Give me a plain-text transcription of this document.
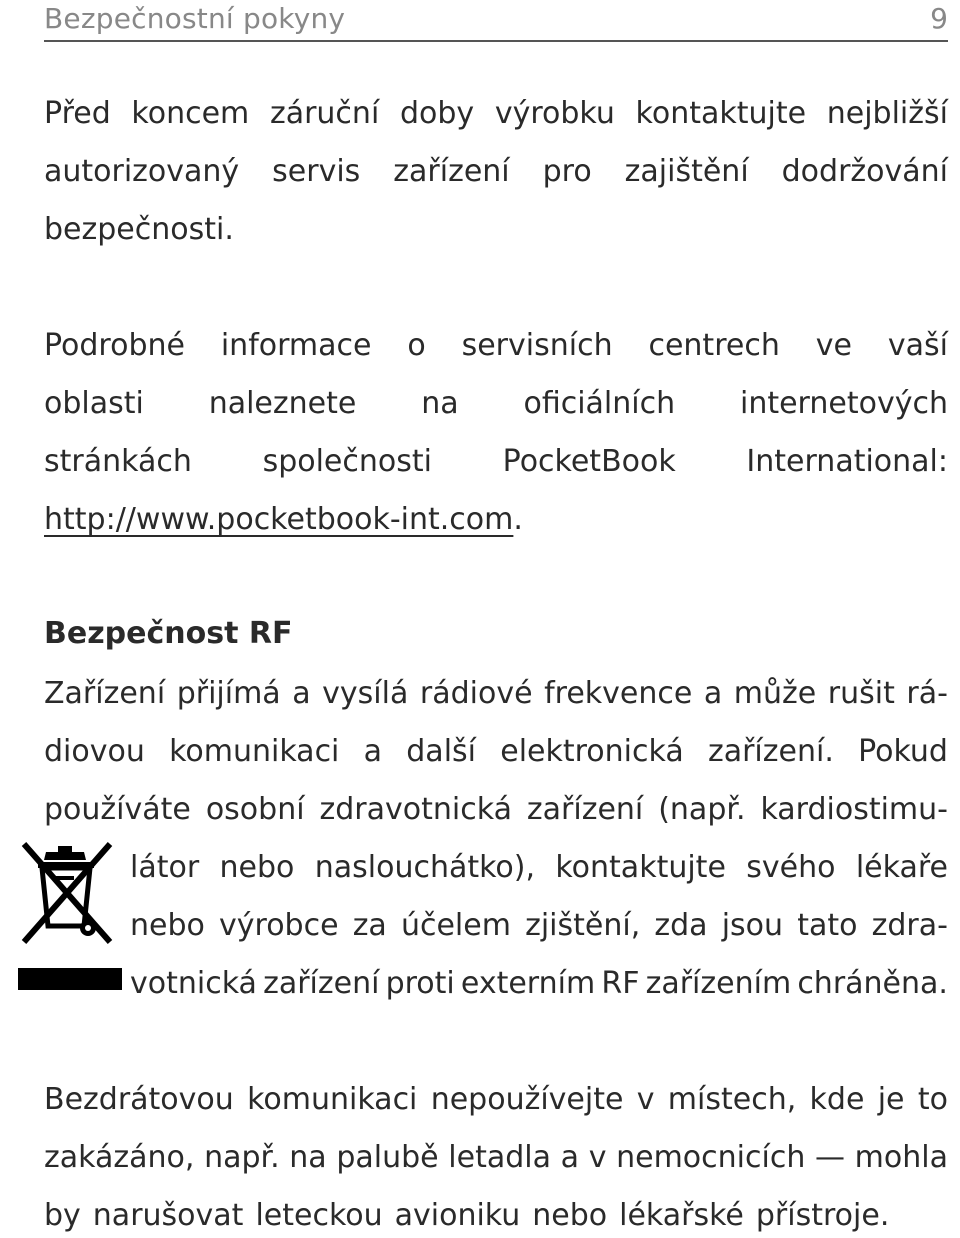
Bezpečnostní pokyny	9
Před koncem záruční doby výrobku kontaktujte nejbližší
autorizovaný servis zařízení pro zajištění dodržování
bezpečnosti.
Podrobné informace o servisních centrech ve vaší
oblasti naleznete na oficiálních internetových
stránkách společnosti PocketBook International:
http://www.pocketbook-int.com.
Bezpečnost RF
Zařízení přijímá a vysílá rádiové frekvence a může rušit rá-
diovou komunikaci a další elektronická zařízení. Pokud
používáte osobní zdravotnická zařízení (např. kardiostimu-
látor nebo naslouchátko), kontaktujte svého lékaře
nebo výrobce za účelem zjištění, zda jsou tato zdra-
votnická zařízení proti externím RF zařízením chráněna.
Bezdrátovou komunikaci nepoužívejte v místech, kde je to
zakázáno, např. na palubě letadla a v nemocnicích — mohla
by narušovat leteckou avioniku nebo lékařské přístroje.
